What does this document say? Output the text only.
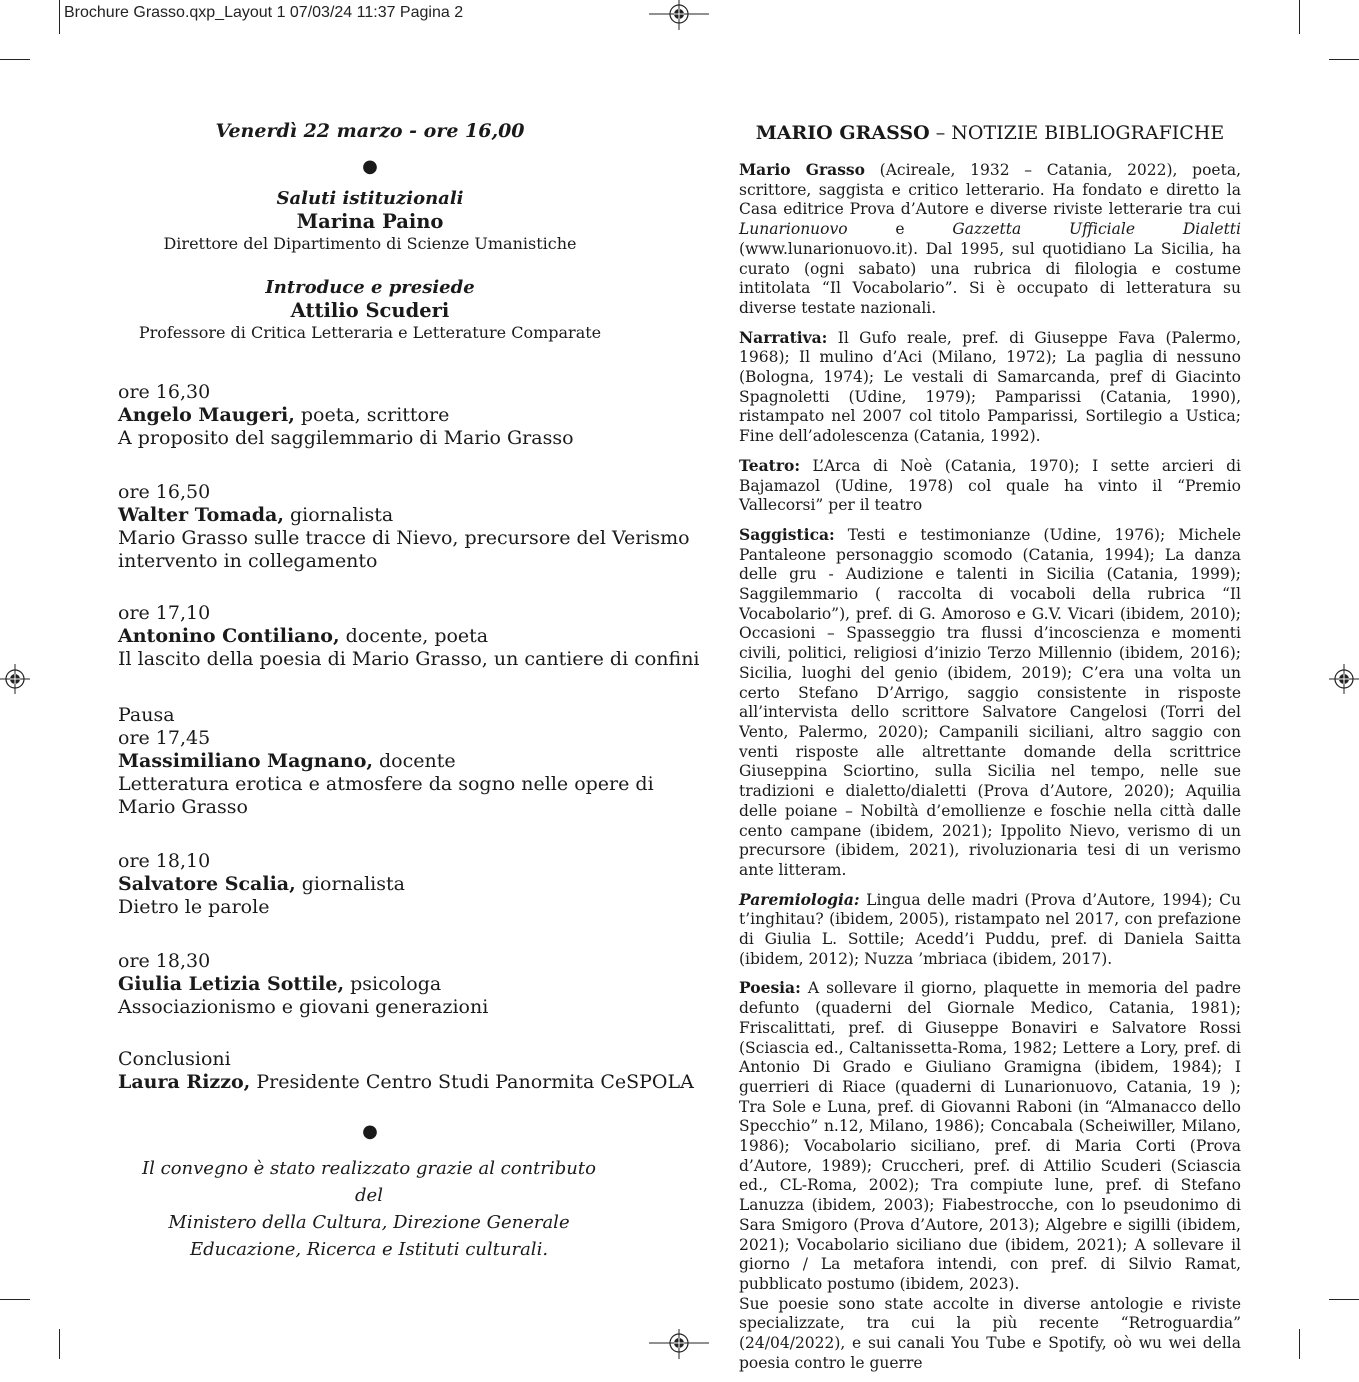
Brochure Grasso.qxp_Layout 1 07/03/24 11:37 Pagina 2
Venerdì 22 marzo - ore 16,00
●
Saluti istituzionali
Marina Paino
Direttore del Dipartimento di Scienze Umanistiche
Introduce e presiede
Attilio Scuderi
Professore di Critica Letteraria e Letterature Comparate
ore 16,30
Angelo Maugeri, poeta, scrittore
A proposito del saggilemmario di Mario Grasso
ore 16,50
Walter Tomada, giornalista
Mario Grasso sulle tracce di Nievo, precursore del Verismo
intervento in collegamento
ore 17,10
Antonino Contiliano, docente, poeta
Il lascito della poesia di Mario Grasso, un cantiere di confini
Pausa
ore 17,45
Massimiliano Magnano, docente
Letteratura erotica e atmosfere da sogno nelle opere di
Mario Grasso
ore 18,10
Salvatore Scalia, giornalista
Dietro le parole
ore 18,30
Giulia Letizia Sottile, psicologa
Associazionismo e giovani generazioni
Conclusioni
Laura Rizzo, Presidente Centro Studi Panormita CeSPOLA
●
Il convegno è stato realizzato grazie al contributo del
Ministero della Cultura, Direzione Generale
Educazione, Ricerca e Istituti culturali.
MARIO GRASSO – NOTIZIE BIBLIOGRAFICHE

Mario Grasso (Acireale, 1932 – Catania, 2022), poeta, scrittore, saggista e critico letterario. Ha fondato e diretto la Casa editrice Prova d’Autore e diverse riviste letterarie tra cui Lunarionuovo e Gazzetta Ufficiale Dialetti (www.lunarionuovo.it). Dal 1995, sul quotidiano La Sicilia, ha curato (ogni sabato) una rubrica di filologia e costume intitolata “Il Vocabolario”. Si è occupato di letteratura su diverse testate nazionali.

Narrativa: Il Gufo reale, pref. di Giuseppe Fava (Palermo, 1968); Il mulino d’Aci (Milano, 1972); La paglia di nessuno (Bologna, 1974); Le vestali di Samarcanda, pref di Giacinto Spagnoletti (Udine, 1979); Pamparissi (Catania, 1990), ristampato nel 2007 col titolo Pamparissi, Sortilegio a Ustica; Fine dell’adolescenza (Catania, 1992).

Teatro: L’Arca di Noè (Catania, 1970); I sette arcieri di Bajamazol (Udine, 1978) col quale ha vinto il “Premio Vallecorsi” per il teatro

Saggistica: Testi e testimonianze (Udine, 1976); Michele Pantaleone personaggio scomodo (Catania, 1994); La danza delle gru - Audizione e talenti in Sicilia (Catania, 1999); Saggilemmario ( raccolta di vocaboli della rubrica “Il Vocabolario”), pref. di G. Amoroso e G.V. Vicari (ibidem, 2010); Occasioni – Spasseggio tra flussi d’incoscienza e momenti civili, politici, religiosi d’inizio Terzo Millennio (ibidem, 2016); Sicilia, luoghi del genio (ibidem, 2019); C’era una volta un certo Stefano D’Arrigo, saggio consistente in risposte all’intervista dello scrittore Salvatore Cangelosi (Torri del Vento, Palermo, 2020); Campanili siciliani, altro saggio con venti risposte alle altrettante domande della scrittrice Giuseppina Sciortino, sulla Sicilia nel tempo, nelle sue tradizioni e dialetto/dialetti (Prova d’Autore, 2020); Aquilia delle poiane – Nobiltà d’emollienze e foschie nella città dalle cento campane (ibidem, 2021); Ippolito Nievo, verismo di un precursore (ibidem, 2021), rivoluzionaria tesi di un verismo ante litteram.

Paremiologia: Lingua delle madri (Prova d’Autore, 1994); Cu t’inghitau? (ibidem, 2005), ristampato nel 2017, con prefazione di Giulia L. Sottile; Acedd’i Puddu, pref. di Daniela Saitta (ibidem, 2012); Nuzza ’mbriaca (ibidem, 2017).

Poesia: A sollevare il giorno, plaquette in memoria del padre defunto (quaderni del Giornale Medico, Catania, 1981); Friscalittati, pref. di Giuseppe Bonaviri e Salvatore Rossi (Sciascia ed., Caltanissetta-Roma, 1982; Lettere a Lory, pref. di Antonio Di Grado e Giuliano Gramigna (ibidem, 1984); I guerrieri di Riace (quaderni di Lunarionuovo, Catania, 19 ); Tra Sole e Luna, pref. di Giovanni Raboni (in “Almanacco dello Specchio” n.12, Milano, 1986); Concabala (Scheiwiller, Milano, 1986); Vocabolario siciliano, pref. di Maria Corti (Prova d’Autore, 1989); Cruccheri, pref. di Attilio Scuderi (Sciascia ed., CL-Roma, 2002); Tra compiute lune, pref. di Stefano Lanuzza (ibidem, 2003); Fiabestrocche, con lo pseudonimo di Sara Smigoro (Prova d’Autore, 2013); Algebre e sigilli (ibidem, 2021); Vocabolario siciliano due (ibidem, 2021); A sollevare il giorno / La metafora intendi, con pref. di Silvio Ramat, pubblicato postumo (ibidem, 2023).

Sue poesie sono state accolte in diverse antologie e riviste specializzate, tra cui la più recente “Retroguardia” (24/04/2022), e sui canali You Tube e Spotify, oò wu wei della poesia contro le guerre
